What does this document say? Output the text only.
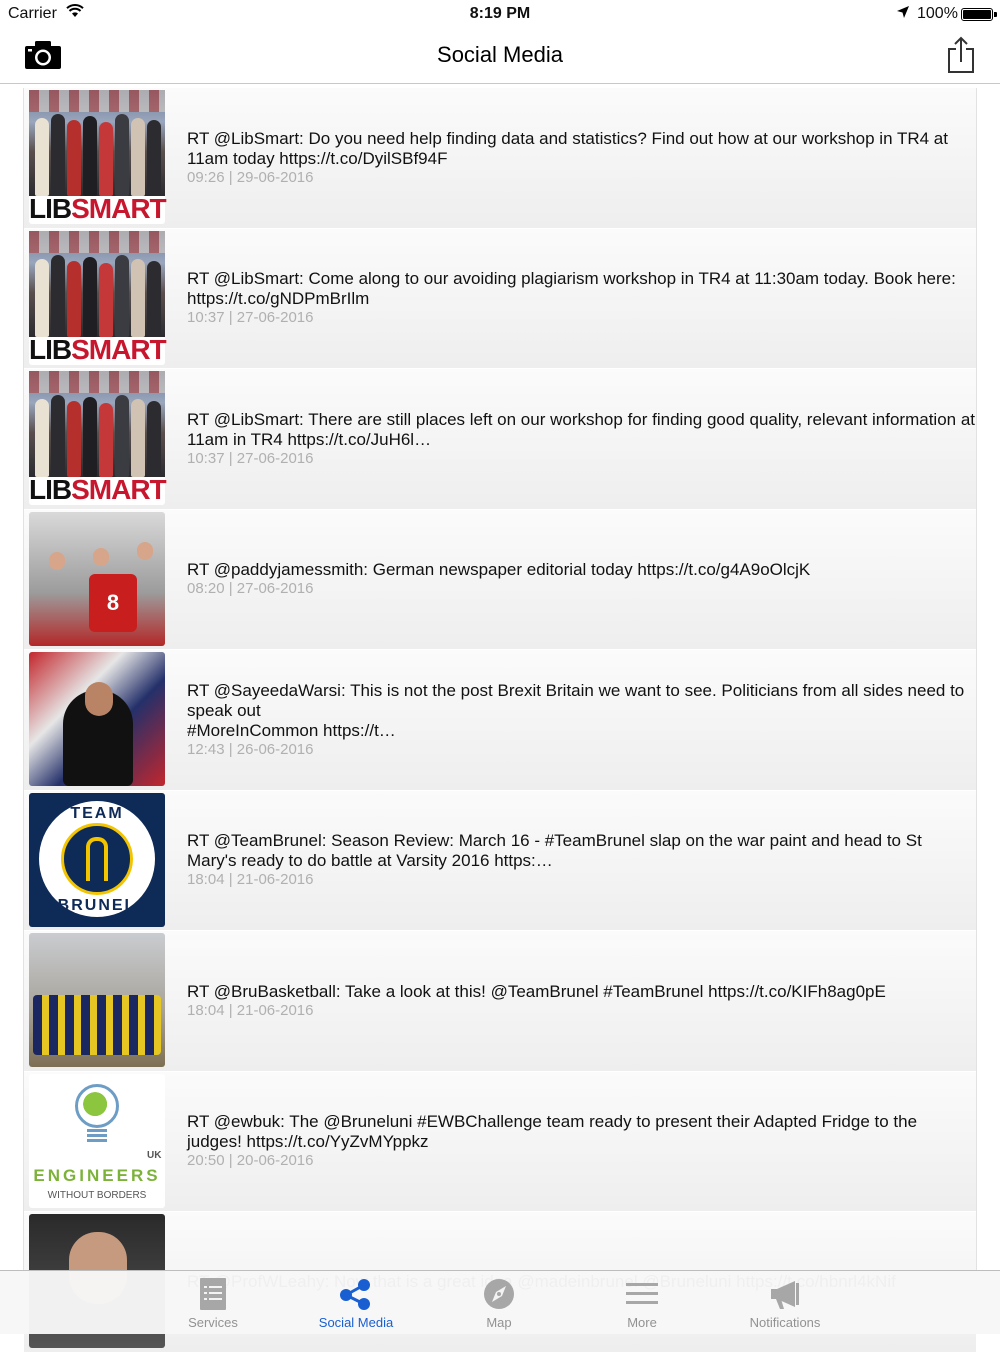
Carrier	8:19 PM	100%
Social Media
LIBSMART
RT @LibSmart: Do you need help finding data and statistics? Find out how at our workshop in TR4 at 11am today https://t.co/DyilSBf94F
09:26 | 29-06-2016
LIBSMART
RT @LibSmart: Come along to our avoiding plagiarism workshop in TR4 at 11:30am today. Book here: https://t.co/gNDPmBrIlm
10:37 | 27-06-2016
LIBSMART
RT @LibSmart: There are still places left on our workshop for finding good quality, relevant information at 11am in TR4 https://t.co/JuH6l…
10:37 | 27-06-2016
8
RT @paddyjamessmith: German newspaper editorial today https://t.co/g4A9oOlcjK
08:20 | 27-06-2016
RT @SayeedaWarsi: This is not the post Brexit Britain we want to see. Politicians from all sides need to speak out
#MoreInCommon https://t…
12:43 | 26-06-2016
TEAM
BRUNEL
RT @TeamBrunel: Season Review: March 16 - #TeamBrunel slap on the war paint and head to St Mary's ready to do battle at Varsity 2016 https:…
18:04 | 21-06-2016
RT @BruBasketball: Take a look at this! @TeamBrunel #TeamBrunel https://t.co/KIFh8ag0pE
18:04 | 21-06-2016
UK
ENGINEERS
WITHOUT BORDERS
RT @ewbuk: The @Bruneluni #EWBChallenge team ready to present their Adapted Fridge to the judges! https://t.co/YyZvMYppkz
20:50 | 20-06-2016
Services	Social Media	Map	More	Notifications
